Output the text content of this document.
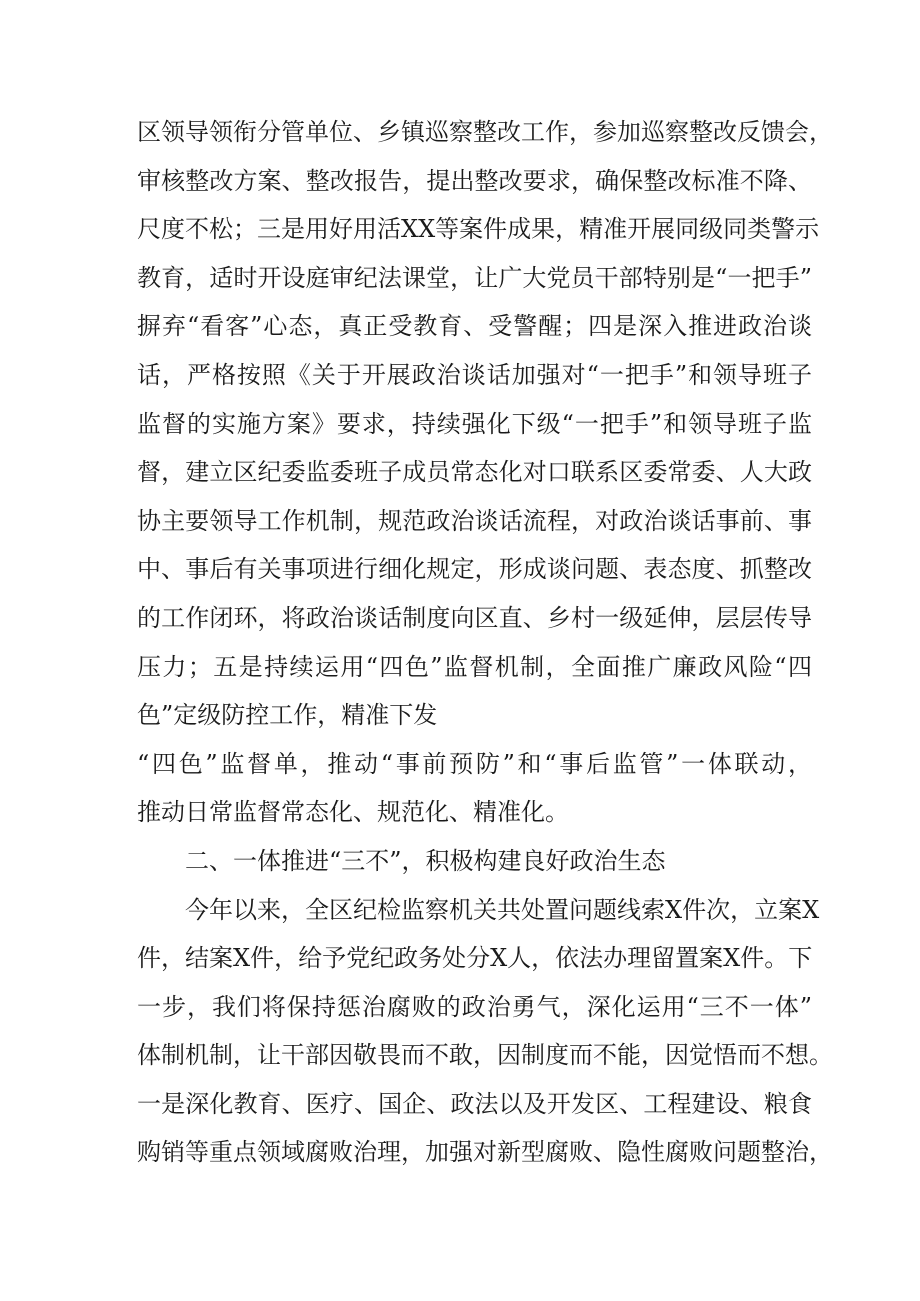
区领导领衔分管单位、乡镇巡察整改工作，参加巡察整改反馈会，
审核整改方案、整改报告，提出整改要求，确保整改标准不降、
尺度不松；三是用好用活XX等案件成果，精准开展同级同类警示
教育，适时开设庭审纪法课堂，让广大党员干部特别是“一把手”
摒弃“看客”心态，真正受教育、受警醒；四是深入推进政治谈
话，严格按照《关于开展政治谈话加强对“一把手”和领导班子
监督的实施方案》要求，持续强化下级“一把手”和领导班子监
督，建立区纪委监委班子成员常态化对口联系区委常委、人大政
协主要领导工作机制，规范政治谈话流程，对政治谈话事前、事
中、事后有关事项进行细化规定，形成谈问题、表态度、抓整改
的工作闭环，将政治谈话制度向区直、乡村一级延伸，层层传导
压力；五是持续运用“四色”监督机制，全面推广廉政风险“四
色”定级防控工作，精准下发
“四色”监督单，推动“事前预防”和“事后监管”一体联动，
推动日常监督常态化、规范化、精准化。
二、一体推进“三不”，积极构建良好政治生态
今年以来，全区纪检监察机关共处置问题线索X件次，立案X
件，结案X件，给予党纪政务处分X人，依法办理留置案X件。下
一步，我们将保持惩治腐败的政治勇气，深化运用“三不一体”
体制机制，让干部因敬畏而不敢，因制度而不能，因觉悟而不想。
一是深化教育、医疗、国企、政法以及开发区、工程建设、粮食
购销等重点领域腐败治理，加强对新型腐败、隐性腐败问题整治，
